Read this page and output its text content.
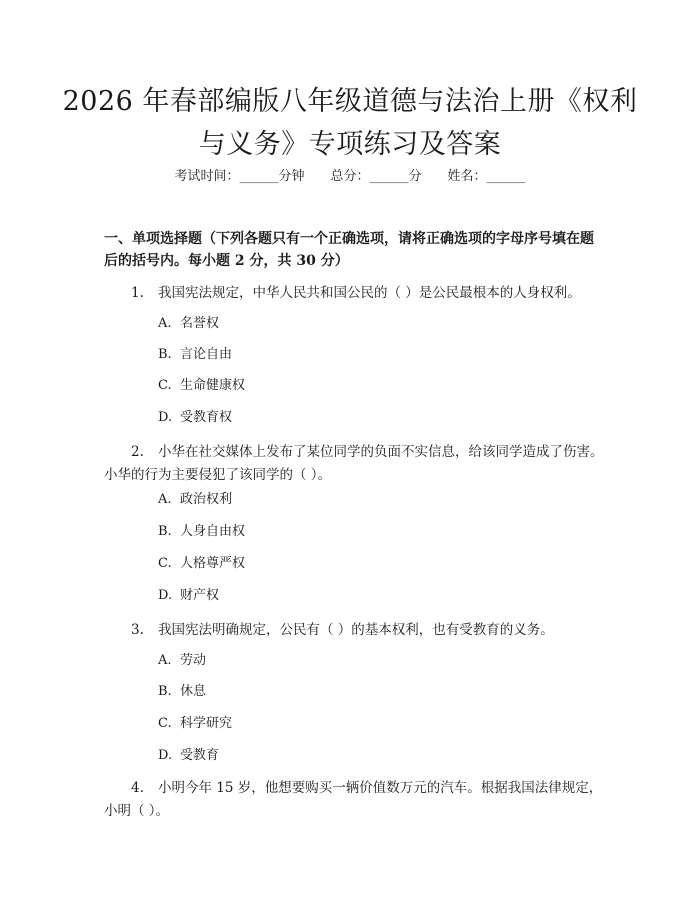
2026 年春部编版八年级道德与法治上册《权利与义务》专项练习及答案
考试时间：______分钟 总分：______分 姓名：______
一、单项选择题（下列各题只有一个正确选项，请将正确选项的字母序号填在题后的括号内。每小题 2 分，共 30 分）
1. 我国宪法规定，中华人民共和国公民的（ ）是公民最根本的人身权利。
A. 名誉权
B. 言论自由
C. 生命健康权
D. 受教育权
2. 小华在社交媒体上发布了某位同学的负面不实信息，给该同学造成了伤害。小华的行为主要侵犯了该同学的（ ）。
A. 政治权利
B. 人身自由权
C. 人格尊严权
D. 财产权
3. 我国宪法明确规定，公民有（ ）的基本权利，也有受教育的义务。
A. 劳动
B. 休息
C. 科学研究
D. 受教育
4. 小明今年 15 岁，他想要购买一辆价值数万元的汽车。根据我国法律规定，小明（ ）。
